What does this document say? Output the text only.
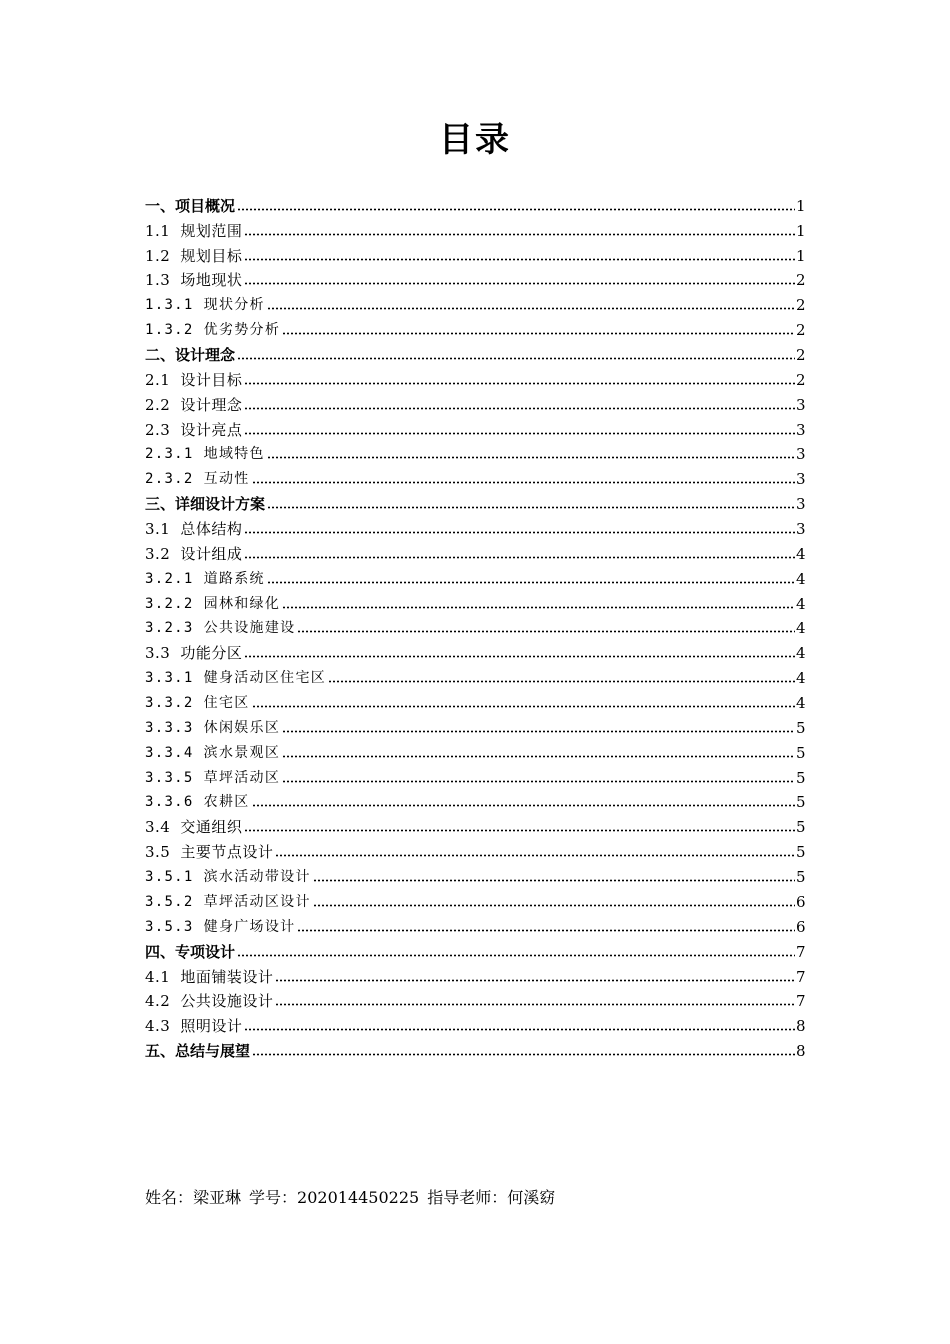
目录
一、项目概况	1
1.1 规划范围	1
1.2 规划目标	1
1.3 场地现状	2
1.3.1 现状分析	2
1.3.2 优劣势分析	2
二、设计理念	2
2.1 设计目标	2
2.2 设计理念	3
2.3 设计亮点	3
2.3.1 地域特色	3
2.3.2 互动性	3
三、详细设计方案	3
3.1 总体结构	3
3.2 设计组成	4
3.2.1 道路系统	4
3.2.2 园林和绿化	4
3.2.3 公共设施建设	4
3.3 功能分区	4
3.3.1 健身活动区住宅区	4
3.3.2 住宅区	4
3.3.3 休闲娱乐区	5
3.3.4 滨水景观区	5
3.3.5 草坪活动区	5
3.3.6 农耕区	5
3.4 交通组织	5
3.5 主要节点设计	5
3.5.1 滨水活动带设计	5
3.5.2 草坪活动区设计	6
3.5.3 健身广场设计	6
四、专项设计	7
4.1 地面铺装设计	7
4.2 公共设施设计	7
4.3 照明设计	8
五、总结与展望	8
姓名：梁亚琳 学号：202014450225 指导老师：何溪窈
